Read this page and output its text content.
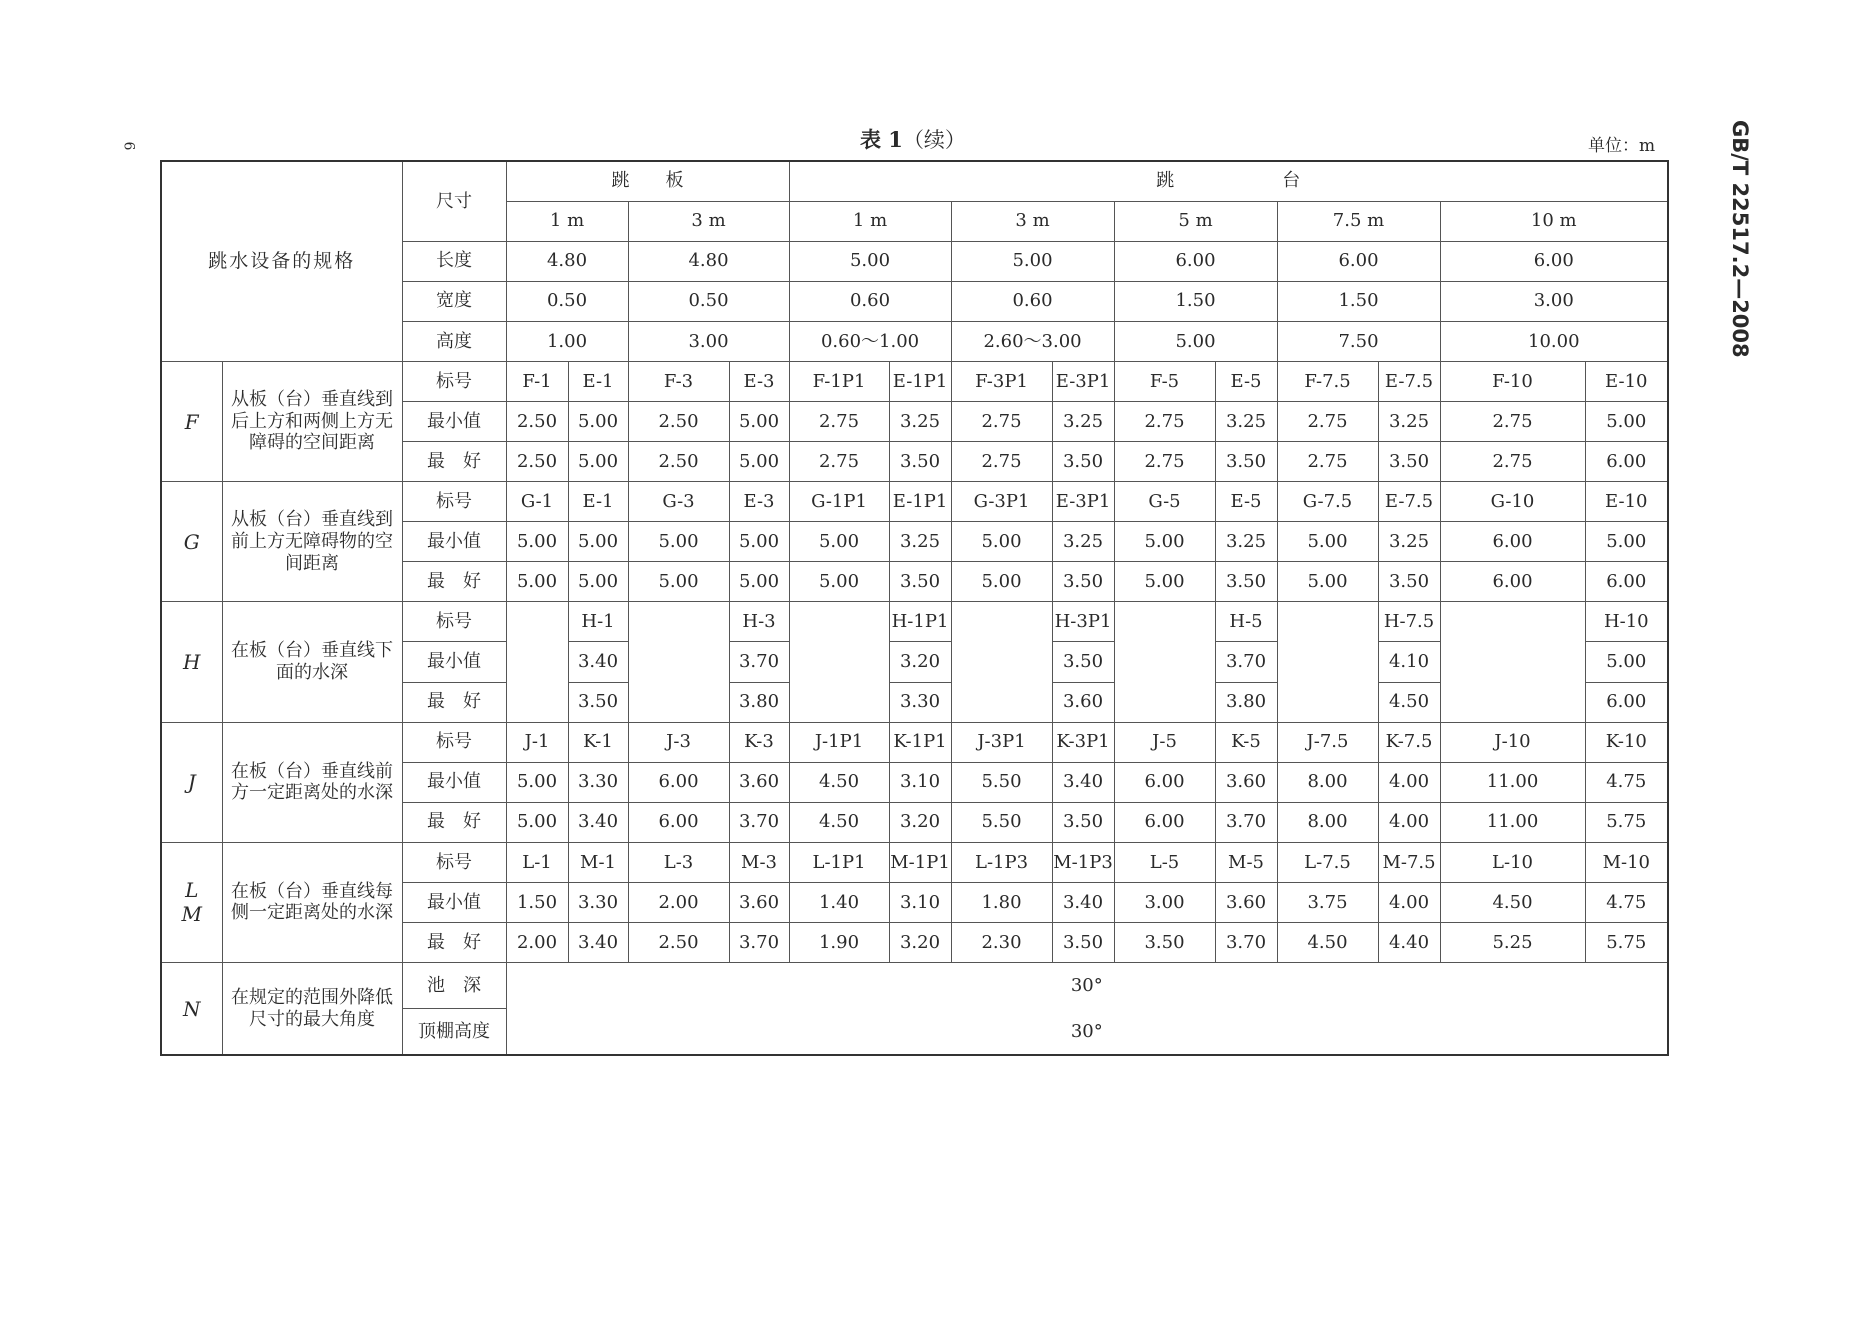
6	GB/T 22517.2—2008
表 1（续）	单位：m
跳水设备的规格		尺寸	跳　　板				跳　　　　　　台									
			1 m		3 m		1 m		3 m		5 m		7.5 m		10 m	
		长度	4.80		4.80		5.00		5.00		6.00		6.00		6.00	
		宽度	0.50		0.50		0.60		0.60		1.50		1.50		3.00	
		高度	1.00		3.00		0.60～1.00		2.60～3.00		5.00		7.50		10.00	

F	从板（台）垂直线到后上方和两侧上方无障碍的空间距离	标号	F-1	E-1	F-3	E-3	F-1P1	E-1P1	F-3P1	E-3P1	F-5	E-5	F-7.5	E-7.5	F-10	E-10
		最小值	2.50	5.00	2.50	5.00	2.75	3.25	2.75	3.25	2.75	3.25	2.75	3.25	2.75	5.00
		最　好	2.50	5.00	2.50	5.00	2.75	3.50	2.75	3.50	2.75	3.50	2.75	3.50	2.75	6.00

G	从板（台）垂直线到前上方无障碍物的空间距离	标号	G-1	E-1	G-3	E-3	G-1P1	E-1P1	G-3P1	E-3P1	G-5	E-5	G-7.5	E-7.5	G-10	E-10
		最小值	5.00	5.00	5.00	5.00	5.00	3.25	5.00	3.25	5.00	3.25	5.00	3.25	6.00	5.00
		最　好	5.00	5.00	5.00	5.00	5.00	3.50	5.00	3.50	5.00	3.50	5.00	3.50	6.00	6.00

H	在板（台）垂直线下面的水深	标号		H-1		H-3		H-1P1		H-3P1		H-5		H-7.5		H-10
		最小值		3.40		3.70		3.20		3.50		3.70		4.10		5.00
		最　好		3.50		3.80		3.30		3.60		3.80		4.50		6.00

J	在板（台）垂直线前方一定距离处的水深	标号	J-1	K-1	J-3	K-3	J-1P1	K-1P1	J-3P1	K-3P1	J-5	K-5	J-7.5	K-7.5	J-10	K-10
		最小值	5.00	3.30	6.00	3.60	4.50	3.10	5.50	3.40	6.00	3.60	8.00	4.00	11.00	4.75
		最　好	5.00	3.40	6.00	3.70	4.50	3.20	5.50	3.50	6.00	3.70	8.00	4.00	11.00	5.75

L
M	在板（台）垂直线每侧一定距离处的水深	标号	L-1	M-1	L-3	M-3	L-1P1	M-1P1	L-1P3	M-1P3	L-5	M-5	L-7.5	M-7.5	L-10	M-10
		最小值	1.50	3.30	2.00	3.60	1.40	3.10	1.80	3.40	3.00	3.60	3.75	4.00	4.50	4.75
		最　好	2.00	3.40	2.50	3.70	1.90	3.20	2.30	3.50	3.50	3.70	4.50	4.40	5.25	5.75
N	在规定的范围外降低尺寸的最大角度	池　深	30°													
		顶棚高度	30°													
